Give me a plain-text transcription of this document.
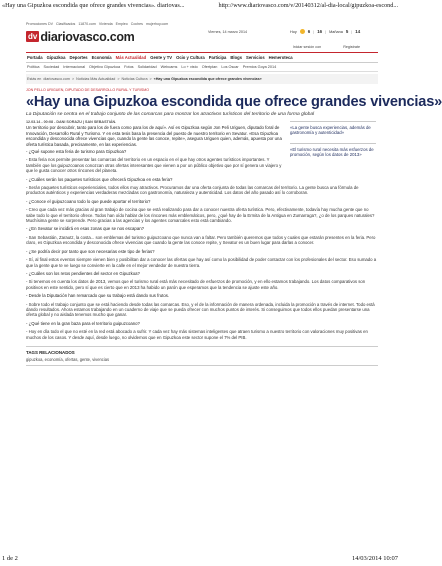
«Hay una Gipuzkoa escondida que ofrece grandes vivencias». diariovas...	http://www.diariovasco.com/v/20140312/al-dia-local/gipuzkoa-escond...
Promociones DV Clasificados 11870.com Vivienda Empleo Coches mujerhoy.com
dv diariovasco.com	Viernes, 14 marzo 2014	Hoy	6 | 16 | Mañana 5 | 14
Iniciar sesión con	Registrate
Portada Gipuzkoa Deportes Economía Más Actualidad Gente y TV Ocio y Cultura Participa Blogs Servicios Hemeroteca
Política Sociedad Internacional Objetivo Gipuzkoa Fotos Solidaridad Webcams Lo + visto Ofertplan Los Oscar Premios Goya 2014
Estás en diariovasco.com > Noticias Más Actualidad > Noticias Cultura > «Hay una Gipuzkoa escondida que ofrece grandes vivencias»
JON PELLO URIGUEN, DIPUTADO DE DESARROLLO RURAL Y TURISMO
«Hay una Gipuzkoa escondida que ofrece grandes vivencias»
La Diputación se centra en el trabajo conjunto de las comarcas para mostrar los atractivos turísticos del territorio de una forma global
12.03.14 - 00:08 - DANI SORAZU | SAN SEBASTIÁN.

Un territorio por descubrir, tanto para los de fuera como para los de aquí». Así es Gipuzkoa según Jon Peli Uriguen, diputado foral de Innovación, Desarrollo Rural y Turismo. Y en esta tesis basa la presencia del puesto de nuestro territorio en Sevatur. «Esa Gipuzkoa escondida y desconocida ofrece vivencias que, cuando la gente las conoce, repite», asegura Uriguen quien, además, apuesta por una oferta turística basada, precisamente, en las experiencias.

- ¿Qué supone esta feria de turismo para Gipuzkoa?

- Esta feria nos permite presentar las comarcas del territorio en un espacio en el que hay otros agentes turísticos importantes. Y también que los guipuzcoanos conozcan otras ofertas interesantes que vienen a por un público objetivo que por sí genera un viajero y que le gusta conocer otros rincones del planeta.

- ¿Cuáles serán los paquetes turísticos que ofrecerá Gipuzkoa en esta feria?

«La gente busca experiencias, además de gastronomía y autenticidad»
«El turismo rural necesita más esfuerzos de promoción, según los datos de 2013»

- Serán paquetes turísticos experienciales, todos ellos muy atractivos. Procuramos dar una oferta conjunta de todas las comarcas del territorio. La gente busca una fórmula de productos auténticos y experiencias verdaderas mezcladas con gastronomía, naturaleza y autenticidad. Los datos del año pasado así lo corroboran.

- ¿Conoce el guipuzcoano todo lo que puede aportar el territorio?

- Creo que cada vez más gracias al gran trabajo de cocina que se está realizando para dar a conocer nuestra oferta turística. Pero, efectivamente, todavía hay mucha gente que no sabe todo lo que el territorio ofrece. Todos han oído hablar de los rincones más emblemáticos, pero, ¿qué hay de la Ermita de la Antigua en Zumarraga?, ¿o de los parques naturales? Muchísima gente se sorprende. Pero gracias a las agencias y los agentes comarcales esto está cambiando.

- ¿En Sevatur se incidirá en esas zonas que se nos escapan?

- San Sebastián, Zarautz, la costa... son emblemas del turismo guipuzcoano que nunca van a faltar. Pero también queremos que todos y cuales que estarán presentes en la feria. Pero claro, es Gipuzkoa escondida y desconocida ofrece vivencias que cuando la gente las conoce repite, y Sevatur es un buen lugar para darlas a conocer.

- ¿Se podría decir por tanto que son necesarias este tipo de ferias?

- Sí, al final estos eventos siempre vienen bien y posibilitan dar a conocer las ofertas que hay así como la posibilidad de poder contactar con los profesionales del sector. Eso sumado a que la gente que te ve luego se convierte en la calle en el mejor vendedor de nuestra tierra.

- ¿Cuáles son los retos pendientes del sector en Gipuzkoa?

- Si tenemos en cuenta los datos de 2013, vemos que el turismo rural está más necesitado de esfuerzos de promoción, y en ello estamos trabajando. Los datos comparativos son positivos en este sentido, pero sí que es cierto que en 2013 ha habido un parón que esperamos que la tendencia se ajuste este año.

- Desde la Diputación han remarcado que su trabajo está dando sus frutos.

- Sobre todo el trabajo conjunto que se está haciendo desde todas las comarcas. Eso, y el de la información de manera ordenada, incluida la promoción a través de internet. Todo está dando resultados. Ahora estamos trabajando en un cuaderno de viaje que se pueda ofrecer con muchos puntos de interés. Si conseguimos que todos ellos puedan presentarse una oferta global y no aislada tenemos mucho que ganar.

- ¿Qué tiene en la gran baza para el territorio guipuzcoano?

- Hoy en día todo el que no esté en la red está abocado a sufrir. Y cada vez hay más sistemas inteligentes que atraen turismo a nuestro territorio con valoraciones muy positivas en muchos de los casos. Y desde aquí, desde luego, no olvidemos que en Gipuzkoa este sector supone el 7% del PIB.

TAGS RELACIONADOS
gipuzkoa, economía, ofertas, gente, vivencias
1 de 2	14/03/2014 10:07
